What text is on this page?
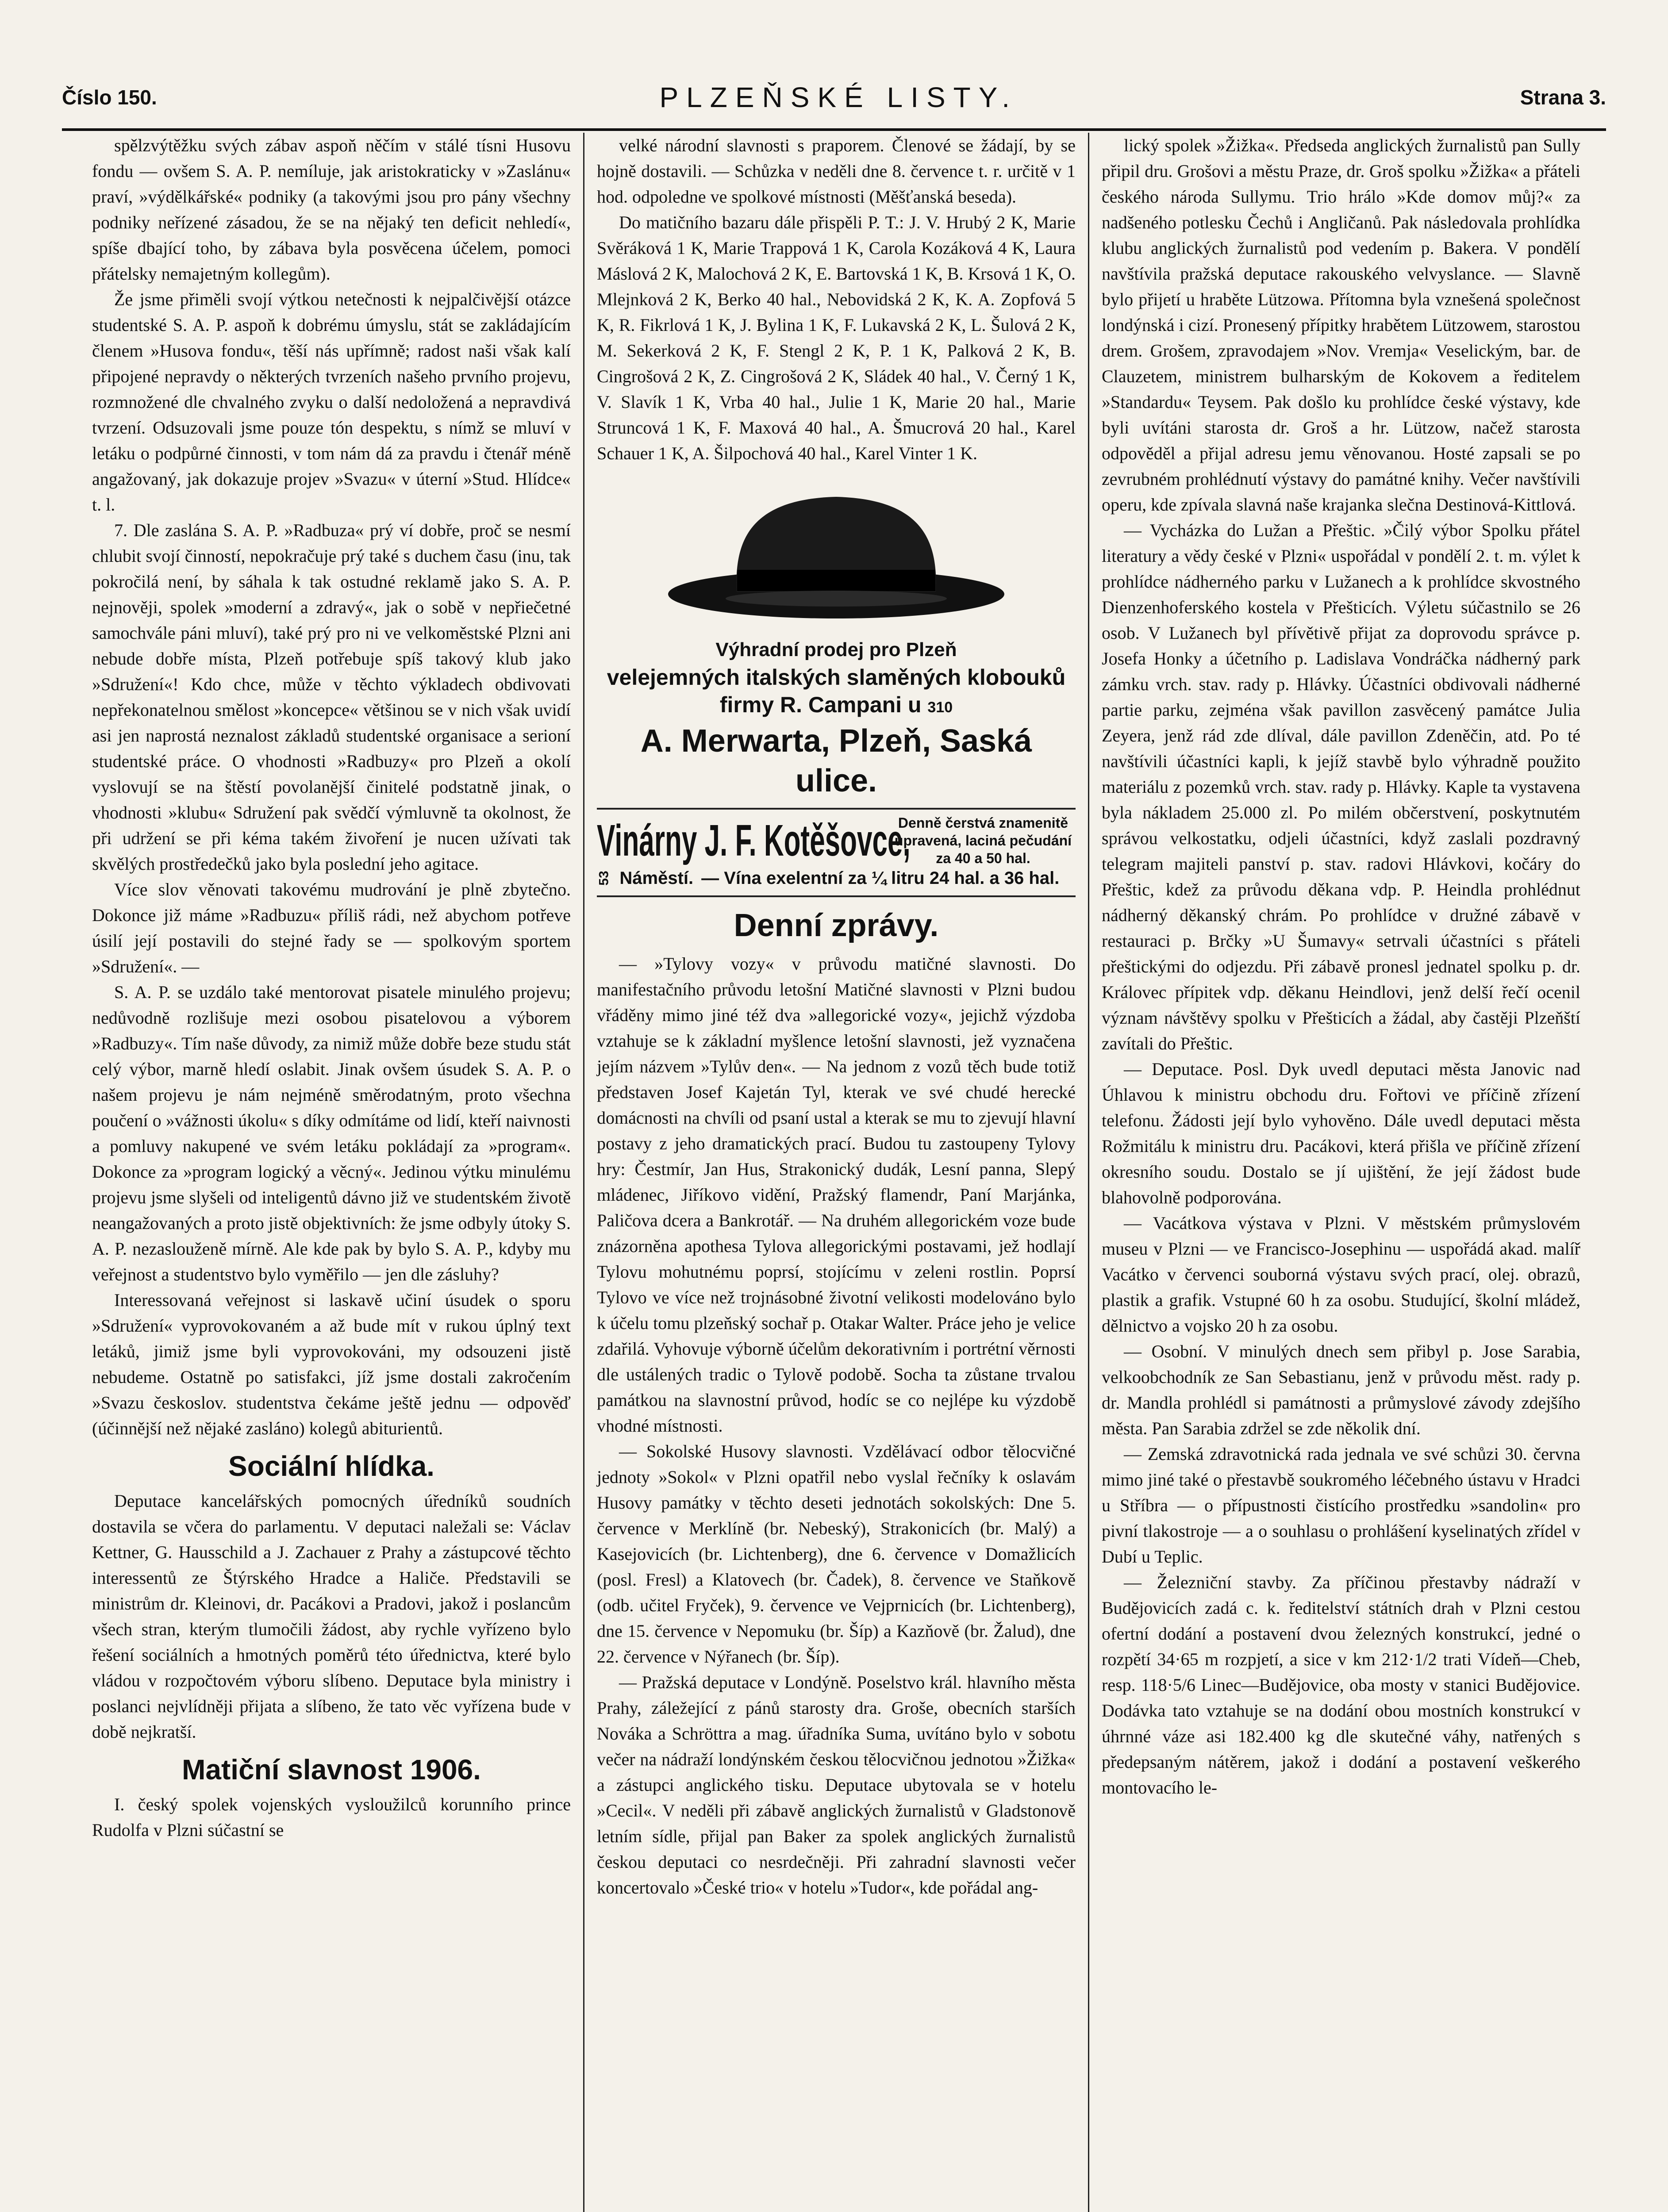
Číslo 150.	PLZEŇSKÉ LISTY.	Strana 3.

spělzvýtěžku svých zábav aspoň něčím v stálé tísni Husovu fondu — ovšem S. A. P. nemíluje, jak aristokraticky v »Zaslánu« praví, »výdělkářské« podniky (a takovými jsou pro pány všechny podniky neřízené zásadou, že se na nějaký ten deficit nehledí«, spíše dbající toho, by zábava byla posvěcena účelem, pomoci přátelsky nemajetným kollegům).

Že jsme přiměli svojí výtkou netečnosti k nejpalčivější otázce studentské S. A. P. aspoň k dobrému úmyslu, stát se zakládajícím členem »Husova fondu«, těší nás upřímně; radost naši však kalí připojené nepravdy o některých tvrzeních našeho prvního projevu, rozmnožené dle chvalného zvyku o další nedoložená a nepravdivá tvrzení. Odsuzovali jsme pouze tón despektu, s nímž se mluví v letáku o podpůrné činnosti, v tom nám dá za pravdu i čtenář méně angažovaný, jak dokazuje projev »Svazu« v úterní »Stud. Hlídce« t. l.

7. Dle zaslána S. A. P. »Radbuza« prý ví dobře, proč se nesmí chlubit svojí činností, nepokračuje prý také s duchem času (inu, tak pokročilá není, by sáhala k tak ostudné reklamě jako S. A. P. nejnověji, spolek »moderní a zdravý«, jak o sobě v nepřiečetné samochvále páni mluví), také prý pro ni ve velkoměstské Plzni ani nebude dobře místa, Plzeň potřebuje spíš takový klub jako »Sdružení«! Kdo chce, může v těchto výkladech obdivovati nepřekonatelnou smělost »koncepce« většinou se v nich však uvidí asi jen naprostá neznalost základů studentské organisace a serioní studentské práce. O vhodnosti »Radbuzy« pro Plzeň a okolí vyslovují se na štěstí povolanější činitelé podstatně jinak, o vhodnosti »klubu« Sdružení pak svědčí výmluvně ta okolnost, že při udržení se při kéma takém živoření je nucen užívati tak skvělých prostředečků jako byla poslední jeho agitace.

Více slov věnovati takovému mudrování je plně zbytečno. Dokonce již máme »Radbuzu« příliš rádi, než abychom potřeve úsilí její postavili do stejné řady se — spolkovým sportem »Sdružení«. —

S. A. P. se uzdálo také mentorovat pisatele minulého projevu; nedůvodně rozlišuje mezi osobou pisatelovou a výborem »Radbuzy«. Tím naše důvody, za nimiž může dobře beze studu stát celý výbor, marně hledí oslabit. Jinak ovšem úsudek S. A. P. o našem projevu je nám nejméně směrodatným, proto všechna poučení o »vážnosti úkolu« s díky odmítáme od lidí, kteří naivnosti a pomluvy nakupené ve svém letáku pokládají za »program«. Dokonce za »program logický a věcný«. Jedinou výtku minulému projevu jsme slyšeli od inteligentů dávno již ve studentském životě neangažovaných a proto jistě objektivních: že jsme odbyly útoky S. A. P. nezaslouženě mírně. Ale kde pak by bylo S. A. P., kdyby mu veřejnost a studentstvo bylo vyměřilo — jen dle zásluhy?

Interessovaná veřejnost si laskavě učiní úsudek o sporu »Sdružení« vyprovokovaném a až bude mít v rukou úplný text letáků, jimiž jsme byli vyprovokováni, my odsouzeni jistě nebudeme. Ostatně po satisfakci, jíž jsme dostali zakročením »Svazu českoslov. studentstva čekáme ještě jednu — odpověď (účinnější než nějaké zasláno) kolegů abiturientů.

Sociální hlídka.

Deputace kancelářských pomocných úředníků soudních dostavila se včera do parlamentu. V deputaci naležali se: Václav Kettner, G. Hausschild a J. Zachauer z Prahy a zástupcové těchto interessentů ze Štýrského Hradce a Haliče. Představili se ministrům dr. Kleinovi, dr. Pacákovi a Pradovi, jakož i poslancům všech stran, kterým tlumočili žádost, aby rychle vyřízeno bylo řešení sociálních a hmotných poměrů této úřednictva, které bylo vládou v rozpočtovém výboru slíbeno. Deputace byla ministry i poslanci nejvlídněji přijata a slíbeno, že tato věc vyřízena bude v době nejkratší.

Matiční slavnost 1906.

I. český spolek vojenských vysloužilců korunního prince Rudolfa v Plzni súčastní se

velké národní slavnosti s praporem. Členové se žádají, by se hojně dostavili. — Schůzka v neděli dne 8. července t. r. určitě v 1 hod. odpoledne ve spolkové místnosti (Měšťanská beseda).

Do matičního bazaru dále přispěli P. T.: J. V. Hrubý 2 K, Marie Svěráková 1 K, Marie Trappová 1 K, Carola Kozáková 4 K, Laura Máslová 2 K, Malochová 2 K, E. Bartovská 1 K, B. Krsová 1 K, O. Mlejnková 2 K, Berko 40 hal., Nebovidská 2 K, K. A. Zopfová 5 K, R. Fikrlová 1 K, J. Bylina 1 K, F. Lukavská 2 K, L. Šulová 2 K, M. Sekerková 2 K, F. Stengl 2 K, P. 1 K, Palková 2 K, B. Cingrošová 2 K, Z. Cingrošová 2 K, Sládek 40 hal., V. Černý 1 K, V. Slavík 1 K, Vrba 40 hal., Julie 1 K, Marie 20 hal., Marie Struncová 1 K, F. Maxová 40 hal., A. Šmucrová 20 hal., Karel Schauer 1 K, A. Šilpochová 40 hal., Karel Vinter 1 K.

Výhradní prodej pro Plzeň
velejemných italských slaměných klobouků
firmy R. Campani u 310
A. Merwarta, Plzeň, Saská ulice.
Vinárny J. F. Kotěšovce,
Denně čerstvá znamenitě upravená, laciná pečudání za 40 a 50 hal.
53 Náměstí. — Vína exelentní za ¼ litru 24 hal. a 36 hal.
Denní zprávy.

— »Tylovy vozy« v průvodu matičné slavnosti. Do manifestačního průvodu letošní Matičné slavnosti v Plzni budou vřáděny mimo jiné též dva »allegorické vozy«, jejichž výzdoba vztahuje se k základní myšlence letošní slavnosti, jež vyznačena jejím názvem »Tylův den«. — Na jednom z vozů těch bude totiž představen Josef Kajetán Tyl, kterak ve své chudé herecké domácnosti na chvíli od psaní ustal a kterak se mu to zjevují hlavní postavy z jeho dramatických prací. Budou tu zastoupeny Tylovy hry: Čestmír, Jan Hus, Strakonický dudák, Lesní panna, Slepý mládenec, Jiříkovo vidění, Pražský flamendr, Paní Marjánka, Paličova dcera a Bankrotář. — Na druhém allegorickém voze bude znázorněna apothesa Tylova allegorickými postavami, jež hodlají Tylovu mohutnému poprsí, stojícímu v zeleni rostlin. Poprsí Tylovo ve více než trojnásobné životní velikosti modelováno bylo k účelu tomu plzeňský sochař p. Otakar Walter. Práce jeho je velice zdařilá. Vyhovuje výborně účelům dekorativním i portrétní věrnosti dle ustálených tradic o Tylově podobě. Socha ta zůstane trvalou památkou na slavnostní průvod, hodíc se co nejlépe ku výzdobě vhodné místnosti.

— Sokolské Husovy slavnosti. Vzdělávací odbor tělocvičné jednoty »Sokol« v Plzni opatřil nebo vyslal řečníky k oslavám Husovy památky v těchto deseti jednotách sokolských: Dne 5. července v Merklíně (br. Nebeský), Strakonicích (br. Malý) a Kasejovicích (br. Lichtenberg), dne 6. července v Domažlicích (posl. Fresl) a Klatovech (br. Čadek), 8. července ve Staňkově (odb. učitel Fryček), 9. července ve Vejprnicích (br. Lichtenberg), dne 15. července v Nepomuku (br. Šíp) a Kazňově (br. Žalud), dne 22. července v Nýřanech (br. Šíp).

— Pražská deputace v Londýně. Poselstvo král. hlavního města Prahy, záležející z pánů starosty dra. Groše, obecních starších Nováka a Schröttra a mag. úřadníka Suma, uvítáno bylo v sobotu večer na nádraží londýnském českou tělocvičnou jednotou »Žižka« a zástupci anglického tisku. Deputace ubytovala se v hotelu »Cecil«. V neděli při zábavě anglických žurnalistů v Gladstonově letním sídle, přijal pan Baker za spolek anglických žurnalistů českou deputaci co nesrdečněji. Při zahradní slavnosti večer koncertovalo »České trio« v hotelu »Tudor«, kde pořádal ang-

lický spolek »Žižka«. Předseda anglických žurnalistů pan Sully připil dru. Grošovi a městu Praze, dr. Groš spolku »Žižka« a přáteli českého národa Sullymu. Trio hrálo »Kde domov můj?« za nadšeného potlesku Čechů i Angličanů. Pak následovala prohlídka klubu anglických žurnalistů pod vedením p. Bakera. V pondělí navštívila pražská deputace rakouského velvyslance. — Slavně bylo přijetí u hraběte Lützowa. Přítomna byla vznešená společnost londýnská i cizí. Pronesený přípitky hrabětem Lützowem, starostou drem. Grošem, zpravodajem »Nov. Vremja« Veselickým, bar. de Clauzetem, ministrem bulharským de Kokovem a ředitelem »Standardu« Teysem. Pak došlo ku prohlídce české výstavy, kde byli uvítáni starosta dr. Groš a hr. Lützow, načež starosta odpověděl a přijal adresu jemu věnovanou. Hosté zapsali se po zevrubném prohlédnutí výstavy do památné knihy. Večer navštívili operu, kde zpívala slavná naše krajanka slečna Destinová-Kittlová.

— Vycházka do Lužan a Přeštic. »Čilý výbor Spolku přátel literatury a vědy české v Plzni« uspořádal v pondělí 2. t. m. výlet k prohlídce nádherného parku v Lužanech a k prohlídce skvostného Dienzenhoferského kostela v Přešticích. Výletu súčastnilo se 26 osob. V Lužanech byl přívětivě přijat za doprovodu správce p. Josefa Honky a účetního p. Ladislava Vondráčka nádherný park zámku vrch. stav. rady p. Hlávky. Účastníci obdivovali nádherné partie parku, zejména však pavillon zasvěcený památce Julia Zeyera, jenž rád zde dlíval, dále pavillon Zdeněčin, atd. Po té navštívili účastníci kapli, k jejíž stavbě bylo výhradně použito materiálu z pozemků vrch. stav. rady p. Hlávky. Kaple ta vystavena byla nákladem 25.000 zl. Po milém občerstvení, poskytnutém správou velkostatku, odjeli účastníci, když zaslali pozdravný telegram majiteli panství p. stav. radovi Hlávkovi, kočáry do Přeštic, kdež za průvodu děkana vdp. P. Heindla prohlédnut nádherný děkanský chrám. Po prohlídce v družné zábavě v restauraci p. Brčky »U Šumavy« setrvali účastníci s přáteli přeštickými do odjezdu. Při zábavě pronesl jednatel spolku p. dr. Královec přípitek vdp. děkanu Heindlovi, jenž delší řečí ocenil význam návštěvy spolku v Přešticích a žádal, aby častěji Plzeňští zavítali do Přeštic.

— Deputace. Posl. Dyk uvedl deputaci města Janovic nad Úhlavou k ministru obchodu dru. Fořtovi ve příčině zřízení telefonu. Žádosti její bylo vyhověno. Dále uvedl deputaci města Rožmitálu k ministru dru. Pacákovi, která přišla ve příčině zřízení okresního soudu. Dostalo se jí ujištění, že její žádost bude blahovolně podporována.

— Vacátkova výstava v Plzni. V městském průmyslovém museu v Plzni — ve Francisco-Josephinu — uspořádá akad. malíř Vacátko v červenci souborná výstavu svých prací, olej. obrazů, plastik a grafik. Vstupné 60 h za osobu. Studující, školní mládež, dělnictvo a vojsko 20 h za osobu.

— Osobní. V minulých dnech sem přibyl p. Jose Sarabia, velkoobchodník ze San Sebastianu, jenž v průvodu měst. rady p. dr. Mandla prohlédl si památnosti a průmyslové závody zdejšího města. Pan Sarabia zdržel se zde několik dní.

— Zemská zdravotnická rada jednala ve své schůzi 30. června mimo jiné také o přestavbě soukromého léčebného ústavu v Hradci u Stříbra — o přípustnosti čistícího prostředku »sandolin« pro pivní tlakostroje — a o souhlasu o prohlášení kyselinatých zřídel v Dubí u Teplic.

— Železniční stavby. Za příčinou přestavby nádraží v Budějovicích zadá c. k. ředitelství státních drah v Plzni cestou ofertní dodání a postavení dvou železných konstrukcí, jedné o rozpětí 34·65 m rozpjetí, a sice v km 212·1/2 trati Vídeň—Cheb, resp. 118·5/6 Linec—Budějovice, oba mosty v stanici Budějovice. Dodávka tato vztahuje se na dodání obou mostních konstrukcí v úhrnné váze asi 182.400 kg dle skutečné váhy, natřených s předepsaným nátěrem, jakož i dodání a postavení veškerého montovacího le-
